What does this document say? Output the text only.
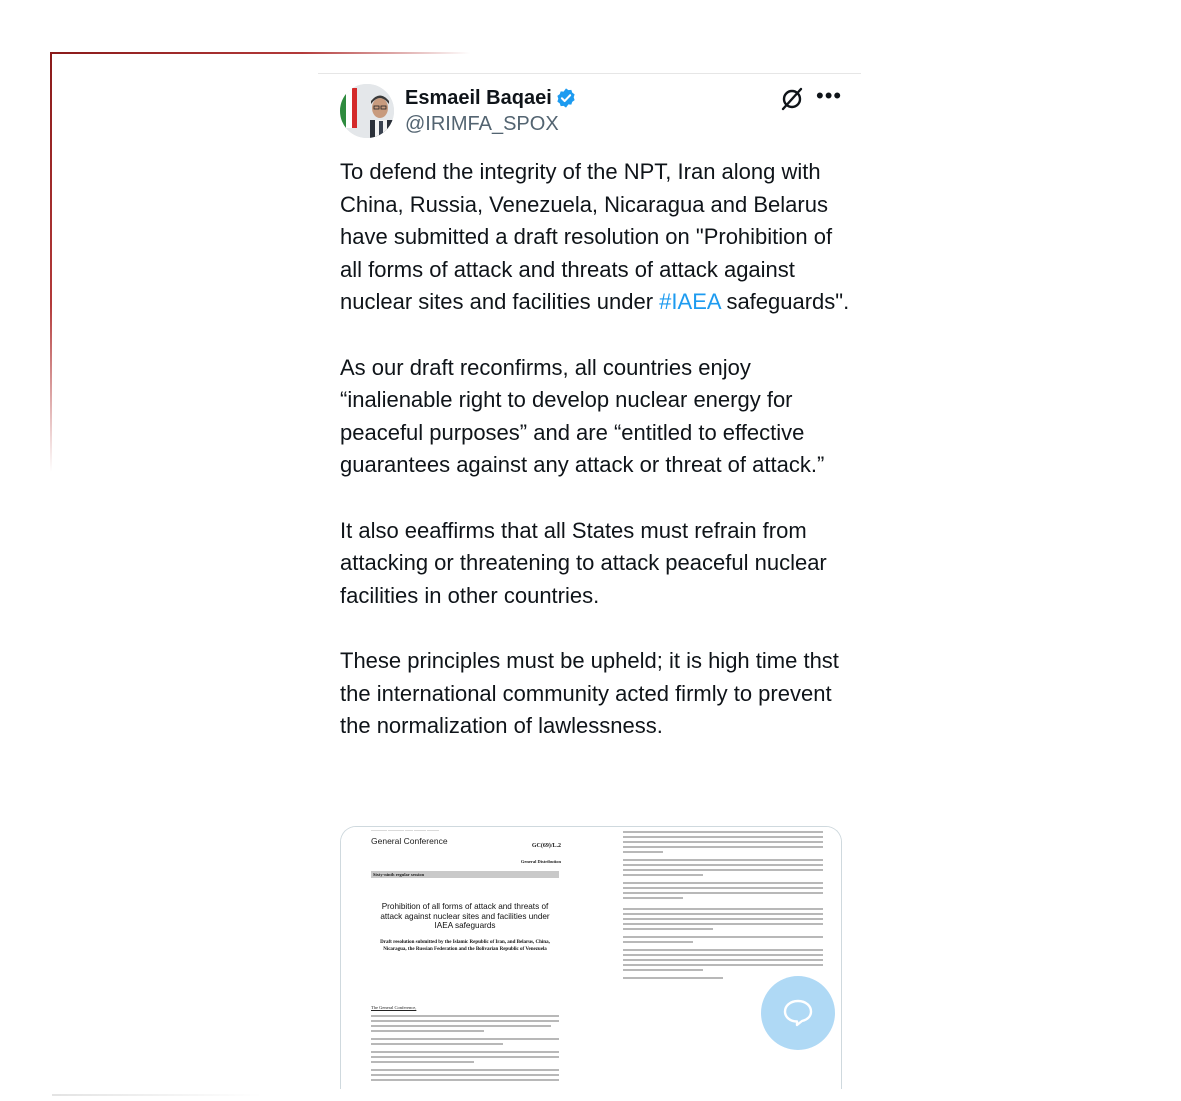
Esmaeil Baqaei
@IRIMFA_SPOX
•••

To defend the integrity of the NPT, Iran along with China, Russia, Venezuela, Nicaragua and Belarus have submitted a draft resolution on "Prohibition of all forms of attack and threats of attack against nuclear sites and facilities under #IAEA safeguards".

As our draft reconfirms, all countries enjoy “inalienable right to develop nuclear energy for peaceful purposes” and are “entitled to effective guarantees against any attack or threat of attack.”

It also eeaffirms that all States must refrain from attacking or threatening to attack peaceful nuclear facilities in other countries.

These principles must be upheld; it is high time thst the international community acted firmly to prevent the normalization of lawlessness.

———— ———— —— ——— ———
General Conference	GC(69)/L.2
General Distribution
Sixty-ninth regular session
Prohibition of all forms of attack and threats of attack against nuclear sites and facilities under IAEA safeguards
Draft resolution submitted by the Islamic Republic of Iran, and Belarus, China, Nicaragua, the Russian Federation and the Bolivarian Republic of Venezuela
The General Conference,
